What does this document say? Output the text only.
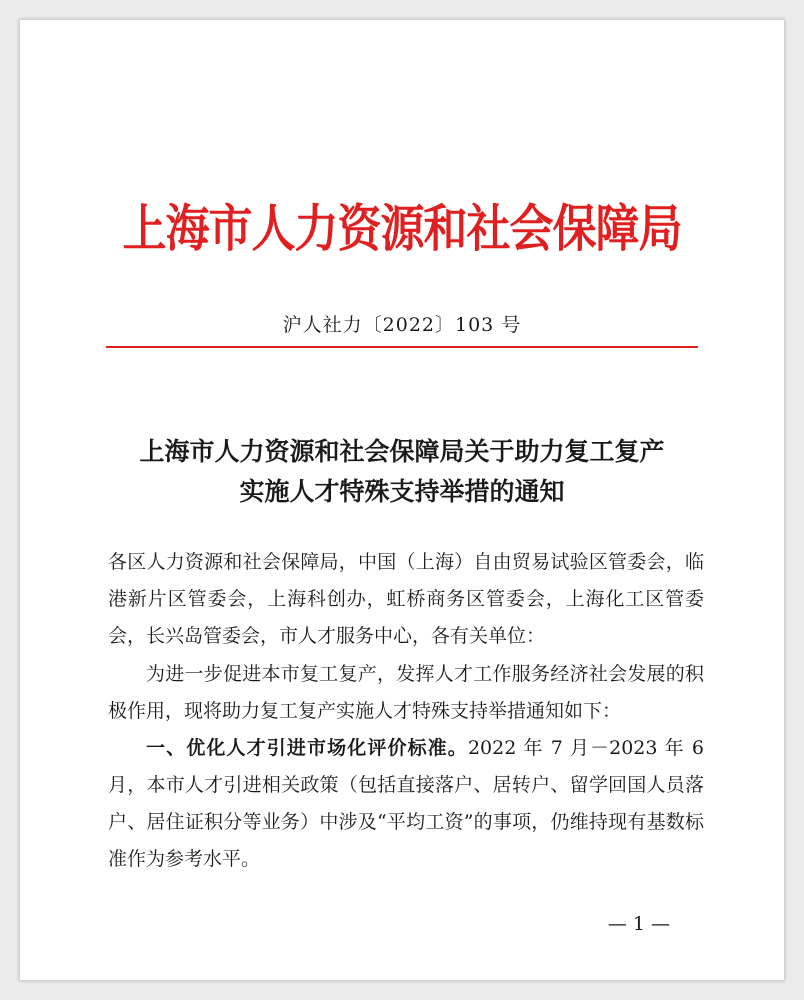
上海市人力资源和社会保障局
沪人社力〔2022〕103 号
上海市人力资源和社会保障局关于助力复工复产
实施人才特殊支持举措的通知

各区人力资源和社会保障局，中国（上海）自由贸易试验区管委会，临港新片区管委会，上海科创办，虹桥商务区管委会，上海化工区管委会，长兴岛管委会，市人才服务中心，各有关单位：

为进一步促进本市复工复产，发挥人才工作服务经济社会发展的积极作用，现将助力复工复产实施人才特殊支持举措通知如下：

一、优化人才引进市场化评价标准。2022 年 7 月－2023 年 6 月，本市人才引进相关政策（包括直接落户、居转户、留学回国人员落户、居住证积分等业务）中涉及“平均工资”的事项，仍维持现有基数标准作为参考水平。

— 1 —
